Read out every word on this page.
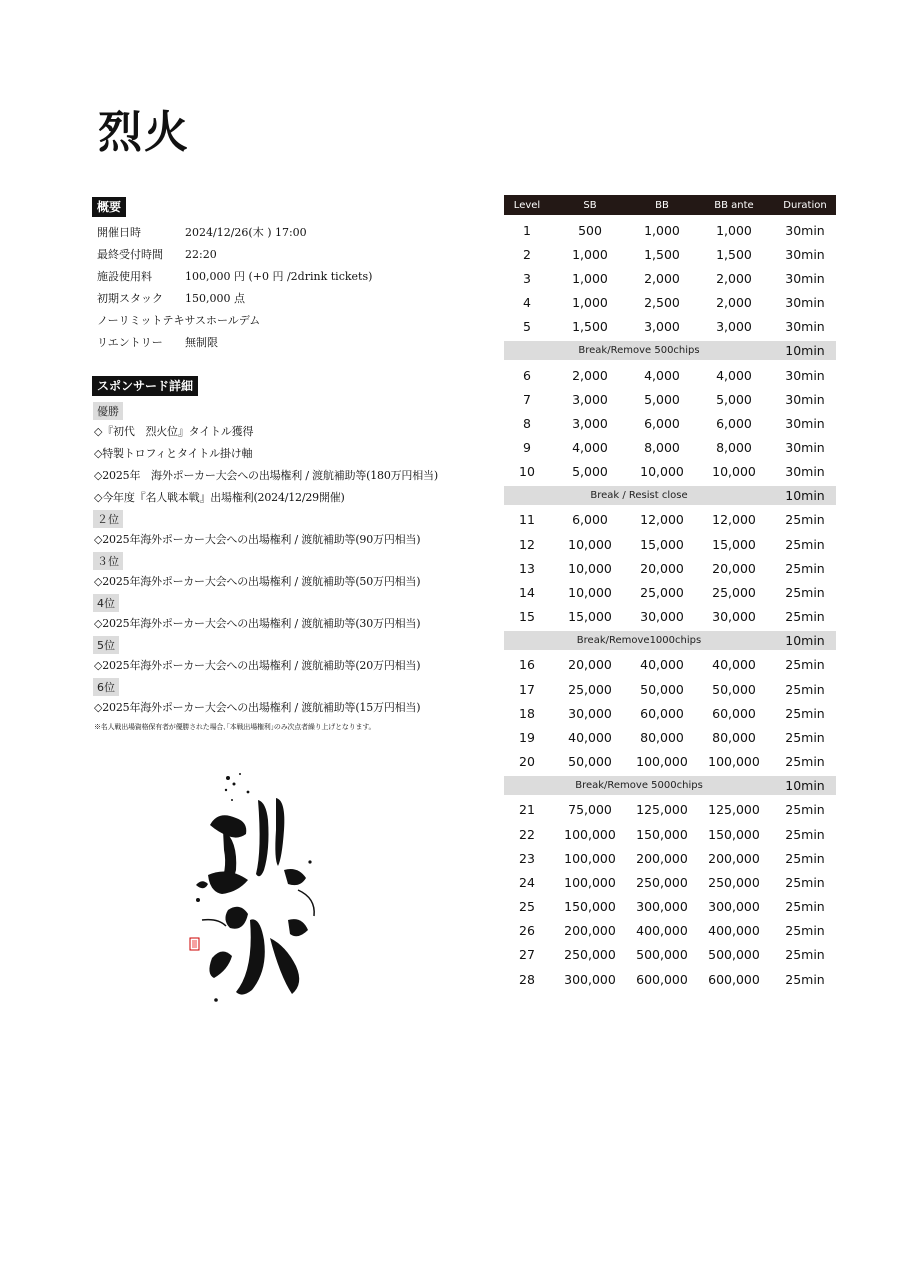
烈火
概要
開催日時	2024/12/26(木 ) 17:00
最終受付時間	22:20
施設使用料	100,000 円 (+0 円 /2drink tickets)
初期スタック	150,000 点
ノーリミットテキサスホールデム
リエントリー	無制限
スポンサード詳細
優勝
◇『初代　烈火位』タイトル獲得
◇特製トロフィとタイトル掛け軸
◇2025年　海外ポーカー大会への出場権利 / 渡航補助等(180万円相当)
◇今年度『名人戦本戦』出場権利(2024/12/29開催)
２位
◇2025年海外ポーカー大会への出場権利 / 渡航補助等(90万円相当)
３位
◇2025年海外ポーカー大会への出場権利 / 渡航補助等(50万円相当)
4位
◇2025年海外ポーカー大会への出場権利 / 渡航補助等(30万円相当)
5位
◇2025年海外ポーカー大会への出場権利 / 渡航補助等(20万円相当)
6位
◇2025年海外ポーカー大会への出場権利 / 渡航補助等(15万円相当)
※名人戦出場資格保有者が優勝された場合､｢本戦出場権利｣のみ次点者繰り上げとなります。
Level	SB	BB	BB ante	Duration
1	500	1,000	1,000	30min
2	1,000	1,500	1,500	30min
3	1,000	2,000	2,000	30min
4	1,000	2,500	2,000	30min
5	1,500	3,000	3,000	30min
Break/Remove 500chips	10min
6	2,000	4,000	4,000	30min
7	3,000	5,000	5,000	30min
8	3,000	6,000	6,000	30min
9	4,000	8,000	8,000	30min
10	5,000	10,000	10,000	30min
Break / Resist close	10min
11	6,000	12,000	12,000	25min
12	10,000	15,000	15,000	25min
13	10,000	20,000	20,000	25min
14	10,000	25,000	25,000	25min
15	15,000	30,000	30,000	25min
Break/Remove1000chips	10min
16	20,000	40,000	40,000	25min
17	25,000	50,000	50,000	25min
18	30,000	60,000	60,000	25min
19	40,000	80,000	80,000	25min
20	50,000	100,000	100,000	25min
Break/Remove 5000chips	10min
21	75,000	125,000	125,000	25min
22	100,000	150,000	150,000	25min
23	100,000	200,000	200,000	25min
24	100,000	250,000	250,000	25min
25	150,000	300,000	300,000	25min
26	200,000	400,000	400,000	25min
27	250,000	500,000	500,000	25min
28	300,000	600,000	600,000	25min
